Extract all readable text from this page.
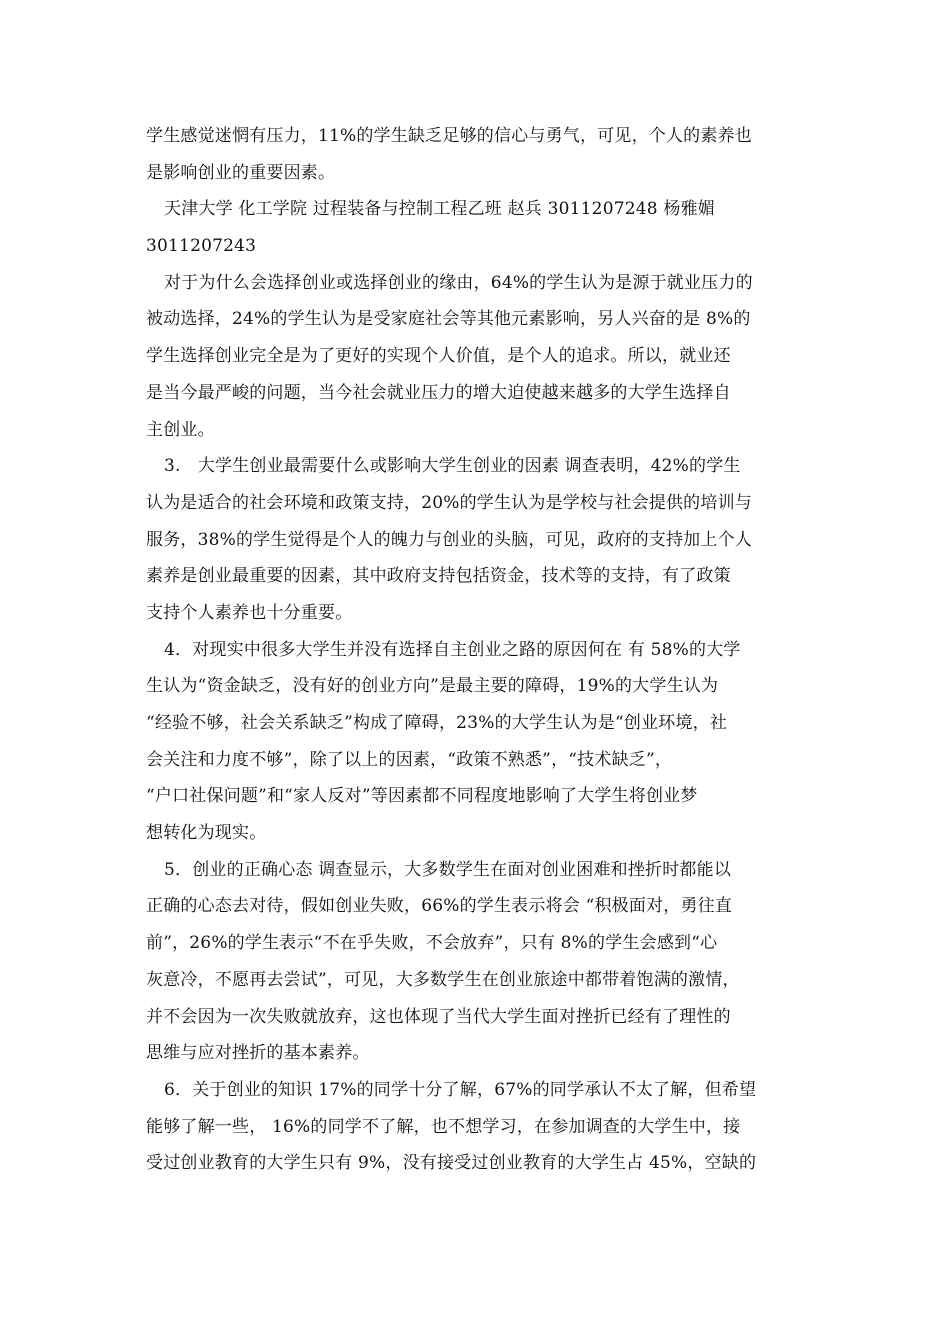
学生感觉迷惘有压力，11%的学生缺乏足够的信心与勇气，可见，个人的素养也
是影响创业的重要因素。
天津大学 化工学院 过程装备与控制工程乙班 赵兵 3011207248 杨雅媚
3011207243
对于为什么会选择创业或选择创业的缘由，64%的学生认为是源于就业压力的
被动选择，24%的学生认为是受家庭社会等其他元素影响，另人兴奋的是 8%的
学生选择创业完全是为了更好的实现个人价值，是个人的追求。所以，就业还
是当今最严峻的问题，当今社会就业压力的增大迫使越来越多的大学生选择自
主创业。
3.　大学生创业最需要什么或影响大学生创业的因素 调查表明，42%的学生
认为是适合的社会环境和政策支持，20%的学生认为是学校与社会提供的培训与
服务，38%的学生觉得是个人的魄力与创业的头脑，可见，政府的支持加上个人
素养是创业最重要的因素，其中政府支持包括资金，技术等的支持，有了政策
支持个人素养也十分重要。
4．对现实中很多大学生并没有选择自主创业之路的原因何在 有 58%的大学
生认为“资金缺乏，没有好的创业方向”是最主要的障碍，19%的大学生认为
“经验不够，社会关系缺乏”构成了障碍，23%的大学生认为是“创业环境，社
会关注和力度不够”，除了以上的因素，“政策不熟悉”，“技术缺乏”，
“户口社保问题”和“家人反对”等因素都不同程度地影响了大学生将创业梦
想转化为现实。
5．创业的正确心态 调查显示，大多数学生在面对创业困难和挫折时都能以
正确的心态去对待，假如创业失败，66%的学生表示将会 “积极面对，勇往直
前”，26%的学生表示“不在乎失败，不会放弃”，只有 8%的学生会感到“心
灰意冷，不愿再去尝试”，可见，大多数学生在创业旅途中都带着饱满的激情，
并不会因为一次失败就放弃，这也体现了当代大学生面对挫折已经有了理性的
思维与应对挫折的基本素养。
6．关于创业的知识 17%的同学十分了解，67%的同学承认不太了解，但希望
能够了解一些， 16%的同学不了解，也不想学习，在参加调查的大学生中，接
受过创业教育的大学生只有 9%，没有接受过创业教育的大学生占 45%，空缺的
